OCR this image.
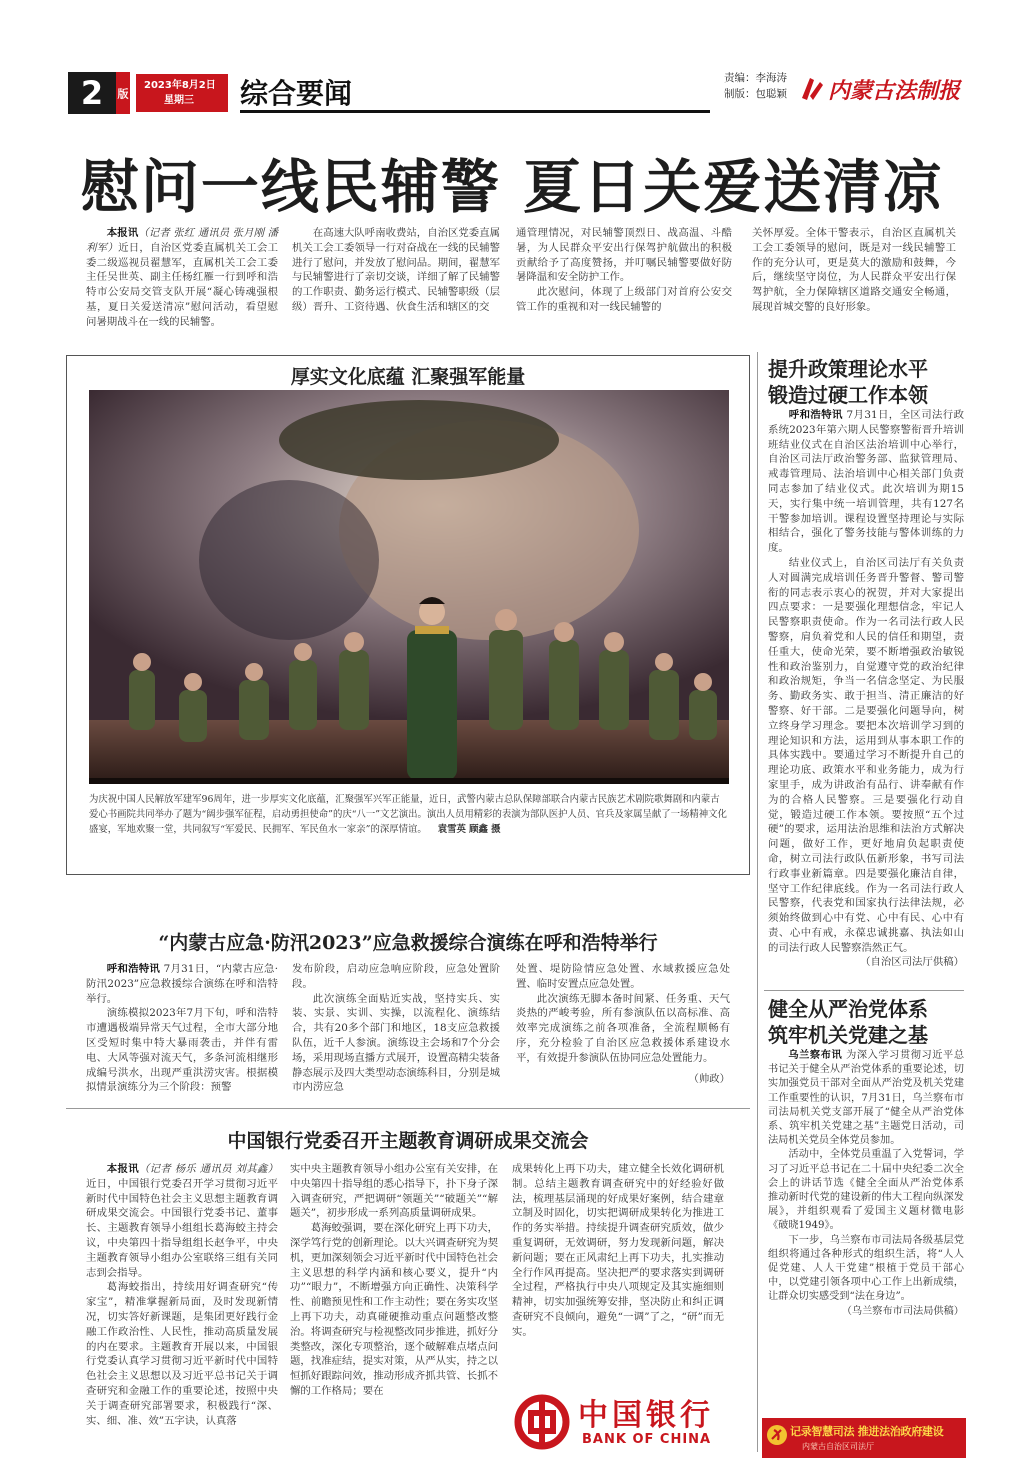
2	版
2023年8月2日
星期三	综合要闻	责编：李海涛
制版：包聪颖 内蒙古法制报
慰问一线民辅警 夏日关爱送清凉
本报讯（记者 张红 通讯员 张月刚 潘利军）近日，自治区党委直属机关工会工委二级巡视员翟慧军，直属机关工会工委主任吴世英、副主任杨红雁一行到呼和浩特市公安局交管支队开展“凝心铸魂强根基，夏日关爱送清凉”慰问活动，看望慰问暑期战斗在一线的民辅警。
在高速大队呼南收费站，自治区党委直属机关工会工委领导一行对奋战在一线的民辅警进行了慰问，并发放了慰问品。期间，翟慧军与民辅警进行了亲切交谈，详细了解了民辅警的工作职责、勤务运行模式、民辅警职级（层级）晋升、工资待遇、伙食生活和辖区的交
通管理情况，对民辅警顶烈日、战高温、斗酷暑，为人民群众平安出行保驾护航做出的积极贡献给予了高度赞扬，并叮嘱民辅警要做好防暑降温和安全防护工作。
此次慰问，体现了上级部门对首府公安交管工作的重视和对一线民辅警的
关怀厚爱。全体干警表示，自治区直属机关工会工委领导的慰问，既是对一线民辅警工作的充分认可，更是莫大的激励和鼓舞，今后，继续坚守岗位，为人民群众平安出行保驾护航，全力保障辖区道路交通安全畅通，展现首城交警的良好形象。
厚实文化底蕴 汇聚强军能量
为庆祝中国人民解放军建军96周年，进一步厚实文化底蕴，汇聚强军兴军正能量，近日，武警内蒙古总队保障部联合内蒙古民族艺术剧院歌舞剧和内蒙古爱心书画院共同举办了题为“阔步强军征程，启动勇担使命”的庆“八一”文艺演出。演出人员用精彩的表演为部队医护人员、官兵及家属呈献了一场精神文化盛宴，军地欢聚一堂，共同叙写“军爱民、民拥军、军民鱼水一家亲”的深厚情谊。 袁雪英 顾鑫 摄
“内蒙古应急·防汛2023”应急救援综合演练在呼和浩特举行
呼和浩特讯 7月31日，“内蒙古应急·防汛2023”应急救援综合演练在呼和浩特举行。
演练模拟2023年7月下旬，呼和浩特市遭遇极端异常天气过程，全市大部分地区受短时集中特大暴雨袭击，并伴有雷电、大风等强对流天气，多条河流相继形成编号洪水，出现严重洪涝灾害。根据模拟情景演练分为三个阶段：预警
发布阶段，启动应急响应阶段，应急处置阶段。
此次演练全面贴近实战，坚持实兵、实装、实景、实训、实操，以流程化、演练结合，共有20多个部门和地区，18支应急救援队伍，近千人参演。演练设主会场和7个分会场，采用现场直播方式展开，设置高精尖装备静态展示及四大类型动态演练科目，分别是城市内涝应急
处置、堤防险情应急处置、水域救援应急处置、临时安置点应急处置。
此次演练无脚本备时间紧、任务重、天气炎热的严峻考验，所有参演队伍以高标准、高效率完成演练之前各项准备，全流程顺畅有序，充分检验了自治区应急救援体系建设水平，有效提升参演队伍协同应急处置能力。
（帅政）
中国银行党委召开主题教育调研成果交流会
本报讯（记者 杨乐 通讯员 刘其鑫）近日，中国银行党委召开学习贯彻习近平新时代中国特色社会主义思想主题教育调研成果交流会。中国银行党委书记、董事长、主题教育领导小组组长葛海蛟主持会议，中央第四十指导组组长赵争平，中央主题教育领导小组办公室联络三组有关同志到会指导。
葛海蛟指出，持续用好调查研究“传家宝”，精准掌握新局面，及时发现新情况，切实答好新课题，是集团更好践行金融工作政治性、人民性，推动高质量发展的内在要求。主题教育开展以来，中国银行党委认真学习贯彻习近平新时代中国特色社会主义思想以及习近平总书记关于调查研究和金融工作的重要论述，按照中央关于调查研究部署要求，积极践行“深、实、细、准、效”五字诀，认真落
实中央主题教育领导小组办公室有关安排，在中央第四十指导组的悉心指导下，扑下身子深入调查研究，严把调研“领题关”“破题关”“解题关”，初步形成一系列高质量调研成果。
葛海蛟强调，要在深化研究上再下功夫，深学笃行党的创新理论。以大兴调查研究为契机，更加深刻领会习近平新时代中国特色社会主义思想的科学内涵和核心要义，提升“内功”“眼力”，不断增强方向正确性、决策科学性、前瞻预见性和工作主动性；要在务实攻坚上再下功夫，动真碰硬推动重点问题整改整治。将调查研究与检视整改同步推进，抓好分类整改，深化专项整治，逐个破解难点堵点问题，找准症结，提实对策，从严从实，持之以恒抓好跟踪问效，推动形成齐抓共管、长抓不懈的工作格局；要在
成果转化上再下功夫，建立健全长效化调研机制。总结主题教育调查研究中的好经验好做法，梳理基层涌现的好成果好案例，结合建章立制及时固化，切实把调研成果转化为推进工作的务实举措。持续提升调查研究质效，做少重复调研，无效调研，努力发现新问题，解决新问题；要在正风肃纪上再下功夫，扎实推动全行作风再提高。坚决把严的要求落实到调研全过程，严格执行中央八项规定及其实施细则精神，切实加强统筹安排，坚决防止和纠正调查研究不良倾向，避免“一调”了之，“研”而无实。
中国银行
BANK OF CHINA
提升政策理论水平
锻造过硬工作本领
呼和浩特讯 7月31日，全区司法行政系统2023年第六期人民警察警衔晋升培训班结业仪式在自治区法治培训中心举行，自治区司法厅政治警务部、监狱管理局、戒毒管理局、法治培训中心相关部门负责同志参加了结业仪式。此次培训为期15天，实行集中统一培训管理，共有127名干警参加培训。课程设置坚持理论与实际相结合，强化了警务技能与警体训练的力度。
结业仪式上，自治区司法厅有关负责人对圆满完成培训任务晋升警督、警司警衔的同志表示衷心的祝贺，并对大家提出四点要求：一是要强化理想信念，牢记人民警察职责使命。作为一名司法行政人民警察，肩负着党和人民的信任和期望，责任重大，使命光荣，要不断增强政治敏锐性和政治鉴别力，自觉遵守党的政治纪律和政治规矩，争当一名信念坚定、为民服务、勤政务实、敢于担当、清正廉洁的好警察、好干部。二是要强化问题导向，树立终身学习理念。要把本次培训学习到的理论知识和方法，运用到从事本职工作的具体实践中。要通过学习不断提升自己的理论功底、政策水平和业务能力，成为行家里手，成为讲政治有品行、讲奉献有作为的合格人民警察。三是要强化行动自觉，锻造过硬工作本领。要按照“五个过硬”的要求，运用法治思维和法治方式解决问题，做好工作，更好地肩负起职责使命，树立司法行政队伍新形象，书写司法行政事业新篇章。四是要强化廉洁自律，坚守工作纪律底线。作为一名司法行政人民警察，代表党和国家执行法律法规，必须始终做到心中有党、心中有民、心中有责、心中有戒，永葆忠诚挑嘉、执法如山的司法行政人民警察浩然正气。
（自治区司法厅供稿）
健全从严治党体系
筑牢机关党建之基
乌兰察布讯 为深入学习贯彻习近平总书记关于健全从严治党体系的重要论述，切实加强党员干部对全面从严治党及机关党建工作重要性的认识，7月31日，乌兰察布市司法局机关党支部开展了“健全从严治党体系、筑牢机关党建之基”主题党日活动，司法局机关党员全体党员参加。
活动中，全体党员重温了入党誓词，学习了习近平总书记在二十届中央纪委二次全会上的讲话节选《健全全面从严治党体系 推动新时代党的建设新的伟大工程向纵深发展》，并组织观看了爱国主义题材微电影《破晓1949》。
下一步，乌兰察布市司法局各级基层党组织将通过各种形式的组织生活，将“人人促党建、人人干党建”根植于党员干部心中，以党建引领各项中心工作上出新成绩，让群众切实感受到“法在身边”。
（乌兰察布市司法局供稿）
记录智慧司法 推进法治政府建设
内蒙古自治区司法厅
